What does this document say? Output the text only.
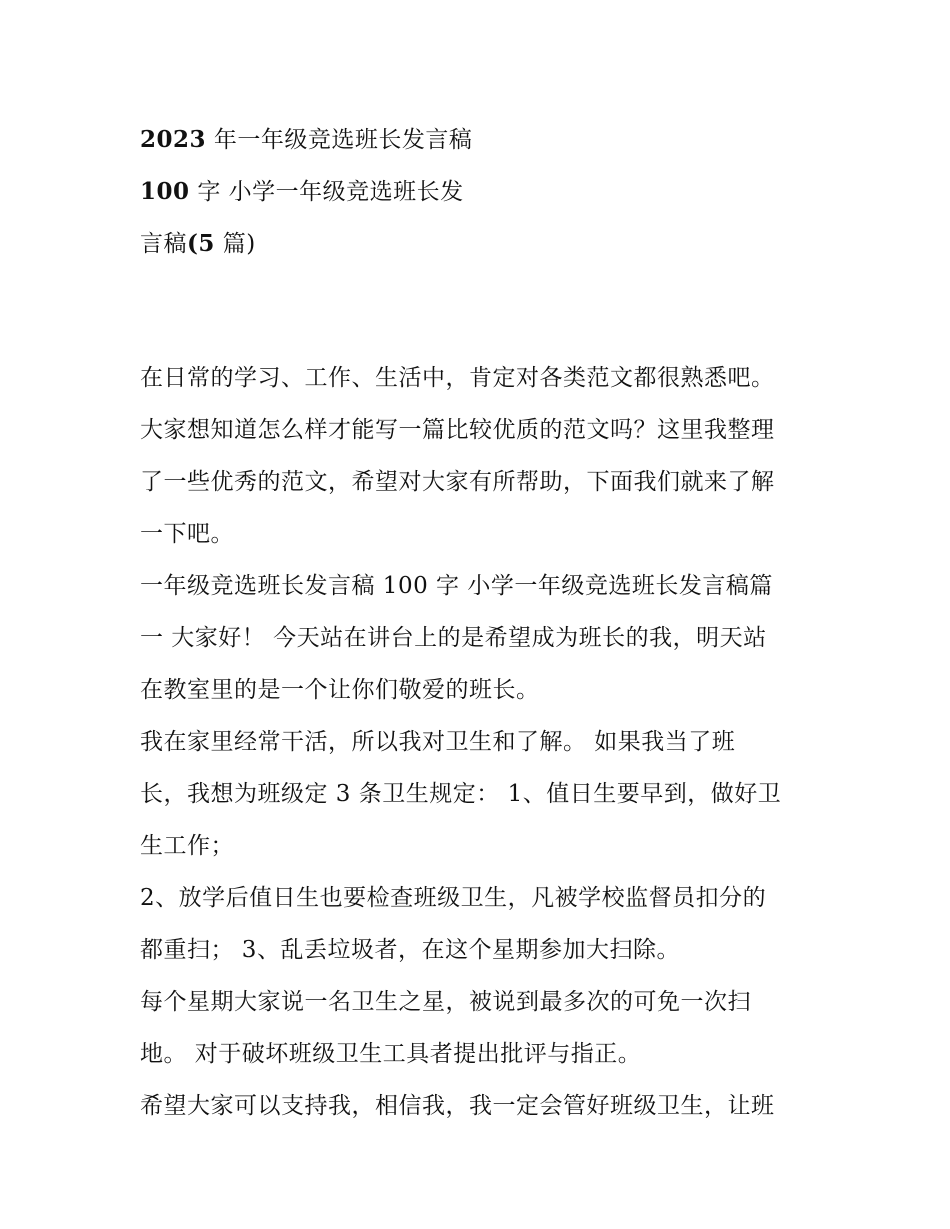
2023 年一年级竞选班长发言稿
100 字 小学一年级竞选班长发
言稿(5 篇)
在日常的学习、工作、生活中，肯定对各类范文都很熟悉吧。
大家想知道怎么样才能写一篇比较优质的范文吗？这里我整理
了一些优秀的范文，希望对大家有所帮助，下面我们就来了解
一下吧。
一年级竞选班长发言稿 100 字 小学一年级竞选班长发言稿篇
一 大家好！ 今天站在讲台上的是希望成为班长的我，明天站
在教室里的是一个让你们敬爱的班长。
我在家里经常干活，所以我对卫生和了解。 如果我当了班
长，我想为班级定 3 条卫生规定： 1、值日生要早到，做好卫
生工作；
2、放学后值日生也要检查班级卫生，凡被学校监督员扣分的
都重扫； 3、乱丢垃圾者，在这个星期参加大扫除。
每个星期大家说一名卫生之星，被说到最多次的可免一次扫
地。 对于破坏班级卫生工具者提出批评与指正。
希望大家可以支持我，相信我，我一定会管好班级卫生，让班
